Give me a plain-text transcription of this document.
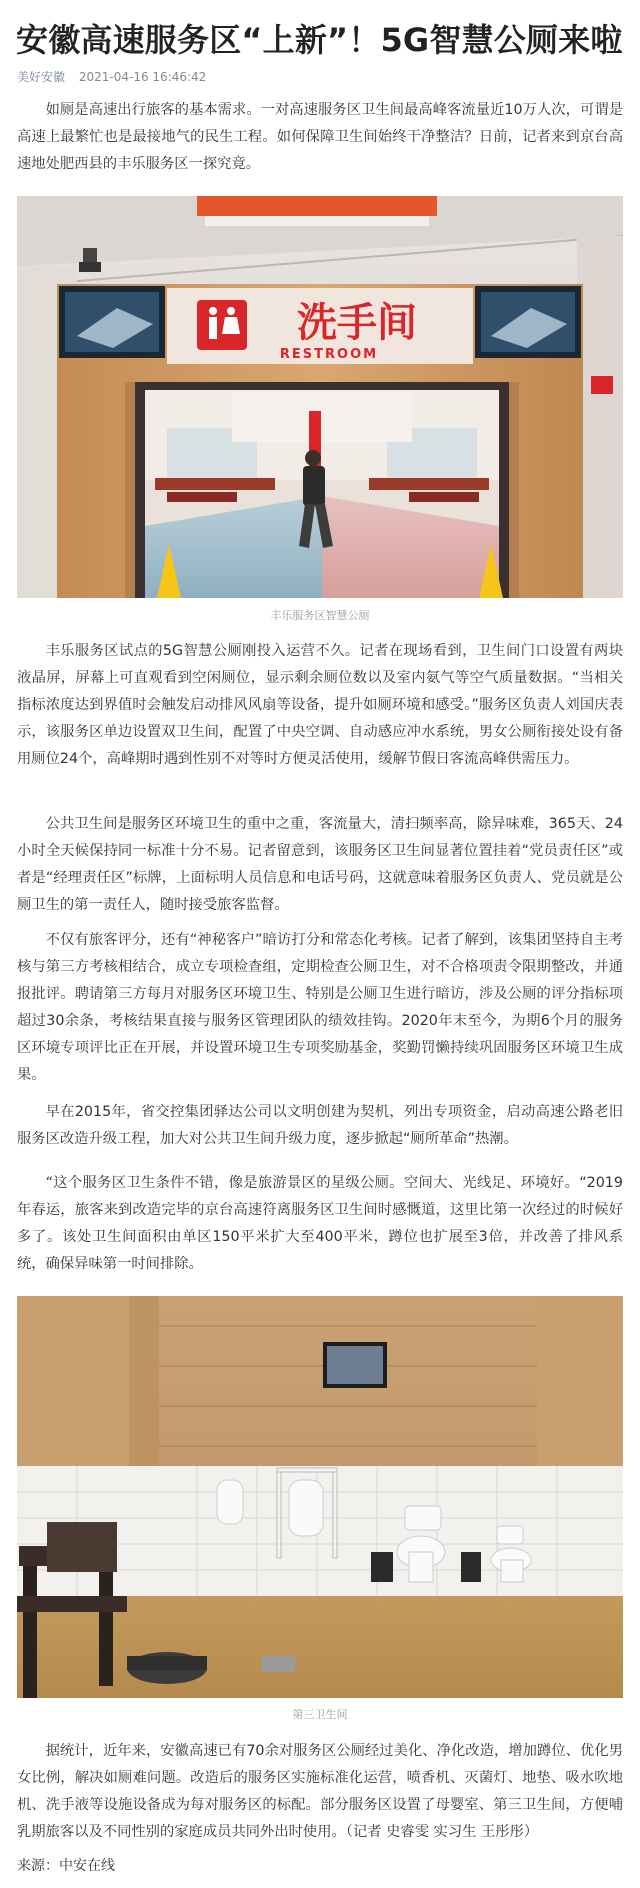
安徽高速服务区“上新”！5G智慧公厕来啦
美好安徽 2021-04-16 16:46:42

如厕是高速出行旅客的基本需求。一对高速服务区卫生间最高峰客流量近10万人次，可谓是高速上最繁忙也是最接地气的民生工程。如何保障卫生间始终干净整洁？日前，记者来到京台高速地处肥西县的丰乐服务区一探究竟。

洗手间
RESTROOM
丰乐服务区智慧公厕

丰乐服务区试点的5G智慧公厕刚投入运营不久。记者在现场看到，卫生间门口设置有两块液晶屏，屏幕上可直观看到空闲厕位，显示剩余厕位数以及室内氨气等空气质量数据。“当相关指标浓度达到界值时会触发启动排风风扇等设备，提升如厕环境和感受。”服务区负责人刘国庆表示，该服务区单边设置双卫生间，配置了中央空调、自动感应冲水系统，男女公厕衔接处设有备用厕位24个，高峰期时遇到性别不对等时方便灵活使用，缓解节假日客流高峰供需压力。

公共卫生间是服务区环境卫生的重中之重，客流量大，清扫频率高，除异味难，365天、24小时全天候保持同一标准十分不易。记者留意到，该服务区卫生间显著位置挂着“党员责任区”或者是“经理责任区”标牌，上面标明人员信息和电话号码，这就意味着服务区负责人、党员就是公厕卫生的第一责任人，随时接受旅客监督。

不仅有旅客评分，还有“神秘客户”暗访打分和常态化考核。记者了解到，该集团坚持自主考核与第三方考核相结合，成立专项检查组，定期检查公厕卫生，对不合格项责令限期整改，并通报批评。聘请第三方每月对服务区环境卫生、特别是公厕卫生进行暗访，涉及公厕的评分指标项超过30余条，考核结果直接与服务区管理团队的绩效挂钩。2020年末至今，为期6个月的服务区环境专项评比正在开展，并设置环境卫生专项奖励基金，奖勤罚懒持续巩固服务区环境卫生成果。

早在2015年，省交控集团驿达公司以文明创建为契机，列出专项资金，启动高速公路老旧服务区改造升级工程，加大对公共卫生间升级力度，逐步掀起“厕所革命”热潮。

“这个服务区卫生条件不错，像是旅游景区的星级公厕。空间大、光线足、环境好。“2019年春运，旅客来到改造完毕的京台高速符离服务区卫生间时感慨道，这里比第一次经过的时候好多了。该处卫生间面积由单区150平米扩大至400平米，蹲位也扩展至3倍，并改善了排风系统，确保异味第一时间排除。

第三卫生间

据统计，近年来，安徽高速已有70余对服务区公厕经过美化、净化改造，增加蹲位、优化男女比例，解决如厕难问题。改造后的服务区实施标准化运营，喷香机、灭菌灯、地垫、吸水吹地机、洗手液等设施设备成为每对服务区的标配。部分服务区设置了母婴室、第三卫生间，方便哺乳期旅客以及不同性别的家庭成员共同外出时使用。（记者 史睿雯 实习生 王彤彤）

来源：中安在线
